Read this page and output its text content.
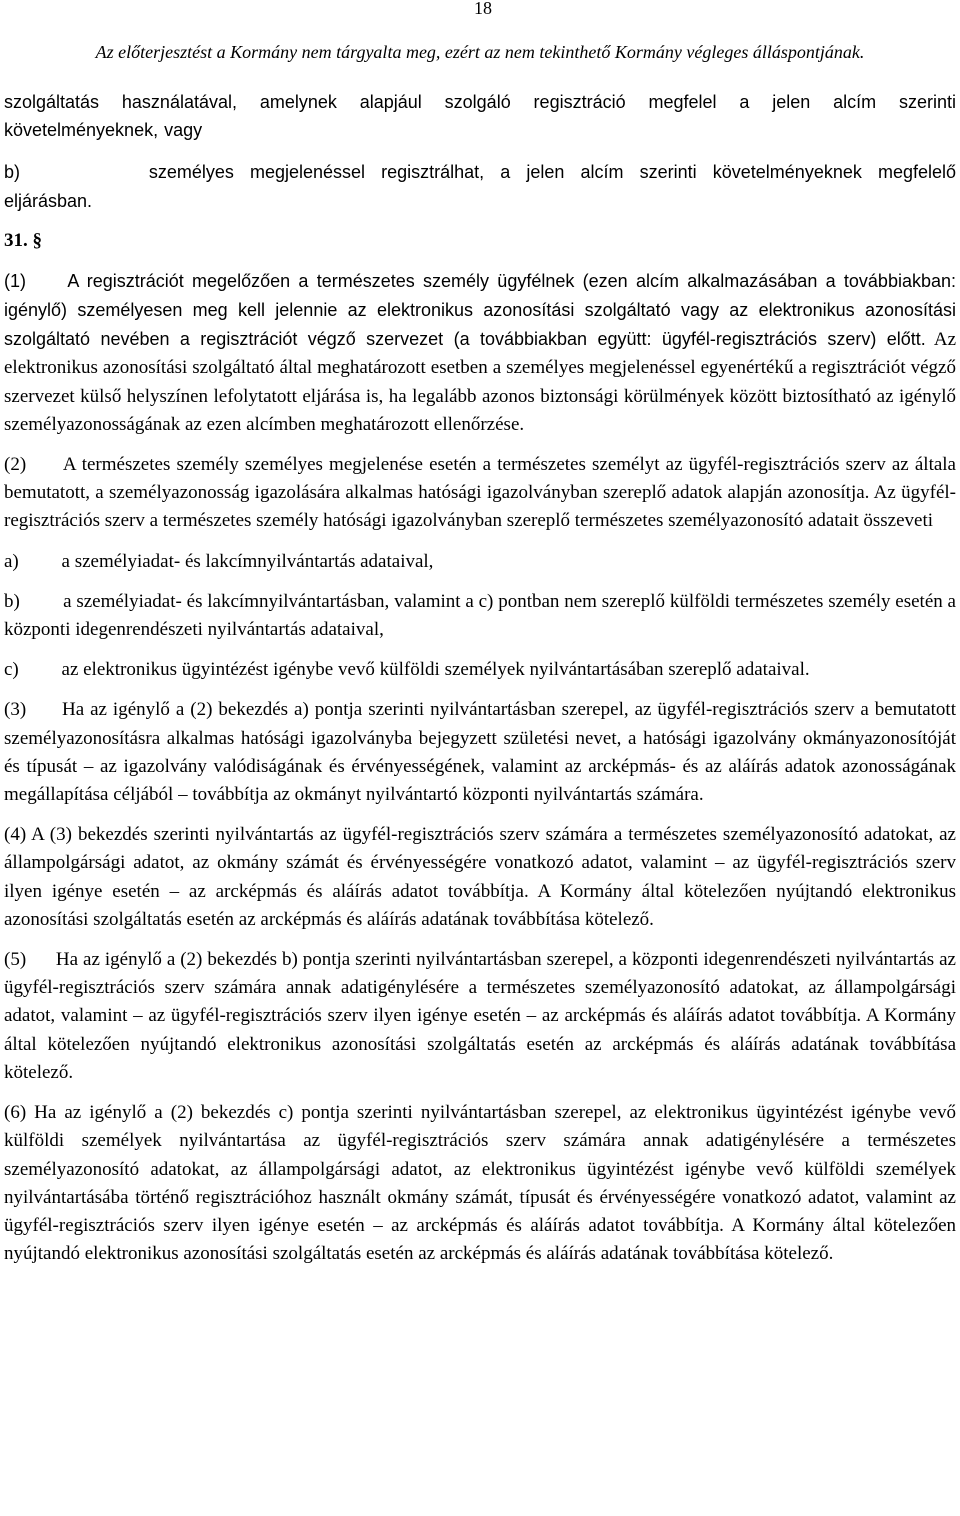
18
Az előterjesztést a Kormány nem tárgyalta meg, ezért az nem tekinthető Kormány végleges álláspontjának.

szolgáltatás használatával, amelynek alapjául szolgáló regisztráció megfelel a jelen alcím szerinti

követelményeknek, vagy

b)        személyes megjelenéssel regisztrálhat, a jelen alcím szerinti követelményeknek megfelelő

eljárásban.

31. §

(1)     A regisztrációt megelőzően a természetes személy ügyfélnek (ezen alcím alkalmazásában a továbbiakban: igénylő) személyesen meg kell jelennie az elektronikus azonosítási szolgáltató vagy az elektronikus azonosítási szolgáltató nevében a regisztrációt végző szervezet (a továbbiakban együtt: ügyfél-regisztrációs szerv) előtt. Az elektronikus azonosítási szolgáltató által meghatározott esetben a személyes megjelenéssel egyenértékű a regisztrációt végző szervezet külső helyszínen lefolytatott eljárása is, ha legalább azonos biztonsági körülmények között biztosítható az igénylő személyazonosságának az ezen alcímben meghatározott ellenőrzése.

(2)      A természetes személy személyes megjelenése esetén a természetes személyt az ügyfél-regisztrációs szerv az általa bemutatott, a személyazonosság igazolására alkalmas hatósági igazolványban szereplő adatok alapján azonosítja. Az ügyfél-regisztrációs szerv a természetes személy hatósági igazolványban szereplő természetes személyazonosító adatait összeveti

a)         a személyiadat- és lakcímnyilvántartás adataival,

b)         a személyiadat- és lakcímnyilvántartásban, valamint a c) pontban nem szereplő külföldi természetes személy esetén a központi idegenrendészeti nyilvántartás adataival,

c)         az elektronikus ügyintézést igénybe vevő külföldi személyek nyilvántartásában szereplő adataival.

(3)      Ha az igénylő a (2) bekezdés a) pontja szerinti nyilvántartásban szerepel, az ügyfél-regisztrációs szerv a bemutatott személyazonosításra alkalmas hatósági igazolványba bejegyzett születési nevet, a hatósági igazolvány okmányazonosítóját és típusát – az igazolvány valódiságának és érvényességének, valamint az arcképmás- és az aláírás adatok azonosságának megállapítása céljából – továbbítja az okmányt nyilvántartó központi nyilvántartás számára.

(4) A (3) bekezdés szerinti nyilvántartás az ügyfél-regisztrációs szerv számára a természetes személyazonosító adatokat, az állampolgársági adatot, az okmány számát és érvényességére vonatkozó adatot, valamint – az ügyfél-regisztrációs szerv ilyen igénye esetén – az arcképmás és aláírás adatot továbbítja. A Kormány által kötelezően nyújtandó elektronikus azonosítási szolgáltatás esetén az arcképmás és aláírás adatának továbbítása kötelező.

(5)      Ha az igénylő a (2) bekezdés b) pontja szerinti nyilvántartásban szerepel, a központi idegenrendészeti nyilvántartás az ügyfél-regisztrációs szerv számára annak adatigénylésére a természetes személyazonosító adatokat, az állampolgársági adatot, valamint – az ügyfél-regisztrációs szerv ilyen igénye esetén – az arcképmás és aláírás adatot továbbítja. A Kormány által kötelezően nyújtandó elektronikus azonosítási szolgáltatás esetén az arcképmás és aláírás adatának továbbítása kötelező.

(6) Ha az igénylő a (2) bekezdés c) pontja szerinti nyilvántartásban szerepel, az elektronikus ügyintézést igénybe vevő külföldi személyek nyilvántartása az ügyfél-regisztrációs szerv számára annak adatigénylésére a természetes személyazonosító adatokat, az állampolgársági adatot, az elektronikus ügyintézést igénybe vevő külföldi személyek nyilvántartásába történő regisztrációhoz használt okmány számát, típusát és érvényességére vonatkozó adatot, valamint az ügyfél-regisztrációs szerv ilyen igénye esetén – az arcképmás és aláírás adatot továbbítja. A Kormány által kötelezően nyújtandó elektronikus azonosítási szolgáltatás esetén az arcképmás és aláírás adatának továbbítása kötelező.
